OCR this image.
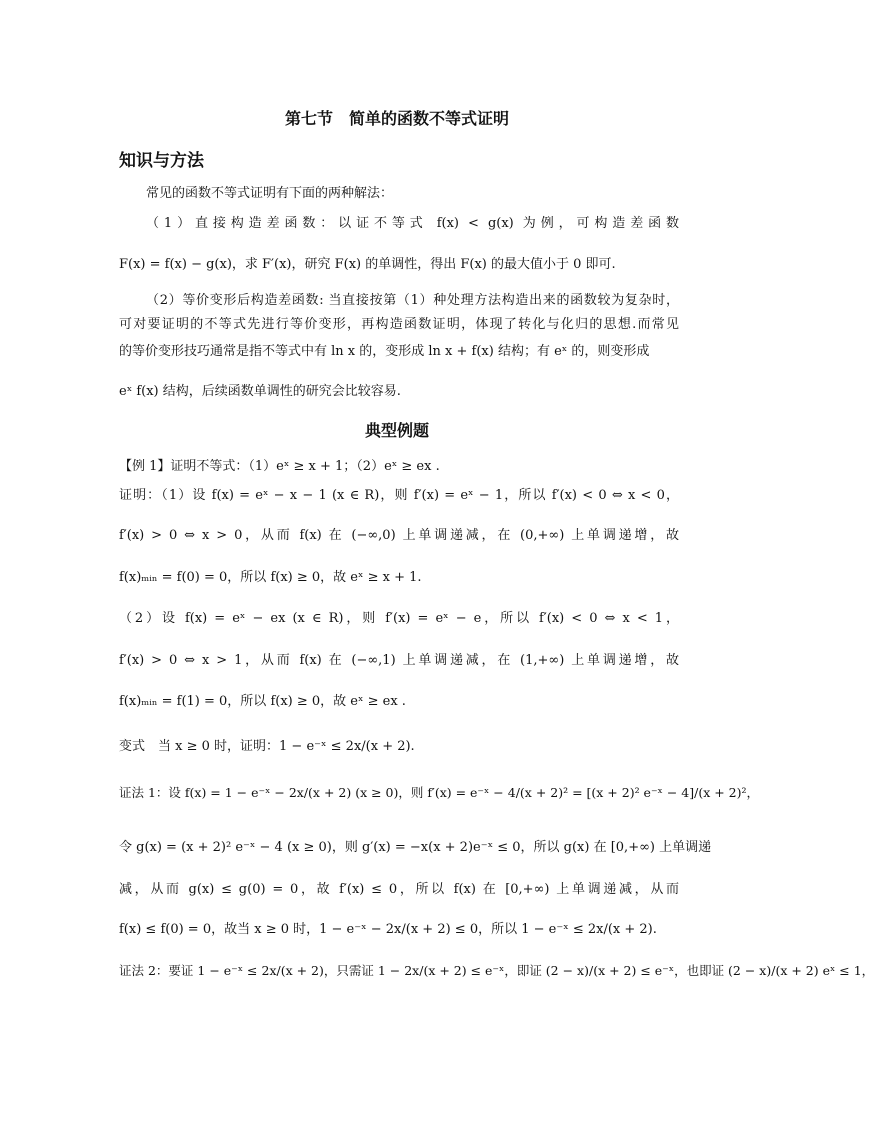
第七节　简单的函数不等式证明
知识与方法
常见的函数不等式证明有下面的两种解法：
（1）直接构造差函数：以证不等式 f(x) < g(x) 为例，可构造差函数
F(x) = f(x) − g(x)，求 F′(x)，研究 F(x) 的单调性，得出 F(x) 的最大值小于 0 即可.
（2）等价变形后构造差函数: 当直接按第（1）种处理方法构造出来的函数较为复杂时，
可对要证明的不等式先进行等价变形，再构造函数证明，体现了转化与化归的思想.而常见
的等价变形技巧通常是指不等式中有 ln x 的，变形成 ln x + f(x) 结构；有 eˣ 的，则变形成
eˣ f(x) 结构，后续函数单调性的研究会比较容易.
典型例题
【例 1】证明不等式：（1）eˣ ≥ x + 1；（2）eˣ ≥ ex .
证明：（1）设 f(x) = eˣ − x − 1 (x ∈ R)，则 f′(x) = eˣ − 1，所以 f′(x) < 0 ⇔ x < 0，
f′(x) > 0 ⇔ x > 0，从而 f(x) 在 (−∞,0) 上单调递减，在 (0,+∞) 上单调递增，故
f(x)ₘᵢₙ = f(0) = 0，所以 f(x) ≥ 0，故 eˣ ≥ x + 1.
（2）设 f(x) = eˣ − ex (x ∈ R)，则 f′(x) = eˣ − e，所以 f′(x) < 0 ⇔ x < 1，
f′(x) > 0 ⇔ x > 1，从而 f(x) 在 (−∞,1) 上单调递减，在 (1,+∞) 上单调递增，故
f(x)ₘᵢₙ = f(1) = 0，所以 f(x) ≥ 0，故 eˣ ≥ ex .
变式　当 x ≥ 0 时，证明：1 − e⁻ˣ ≤ 2x/(x + 2).
证法 1：设 f(x) = 1 − e⁻ˣ − 2x/(x + 2) (x ≥ 0)，则 f′(x) = e⁻ˣ − 4/(x + 2)² = [(x + 2)² e⁻ˣ − 4]/(x + 2)²，
令 g(x) = (x + 2)² e⁻ˣ − 4 (x ≥ 0)，则 g′(x) = −x(x + 2)e⁻ˣ ≤ 0，所以 g(x) 在 [0,+∞) 上单调递
减，从而 g(x) ≤ g(0) = 0，故 f′(x) ≤ 0，所以 f(x) 在 [0,+∞) 上单调递减，从而
f(x) ≤ f(0) = 0，故当 x ≥ 0 时，1 − e⁻ˣ − 2x/(x + 2) ≤ 0，所以 1 − e⁻ˣ ≤ 2x/(x + 2).
证法 2：要证 1 − e⁻ˣ ≤ 2x/(x + 2)，只需证 1 − 2x/(x + 2) ≤ e⁻ˣ，即证 (2 − x)/(x + 2) ≤ e⁻ˣ，也即证 (2 − x)/(x + 2) eˣ ≤ 1，
